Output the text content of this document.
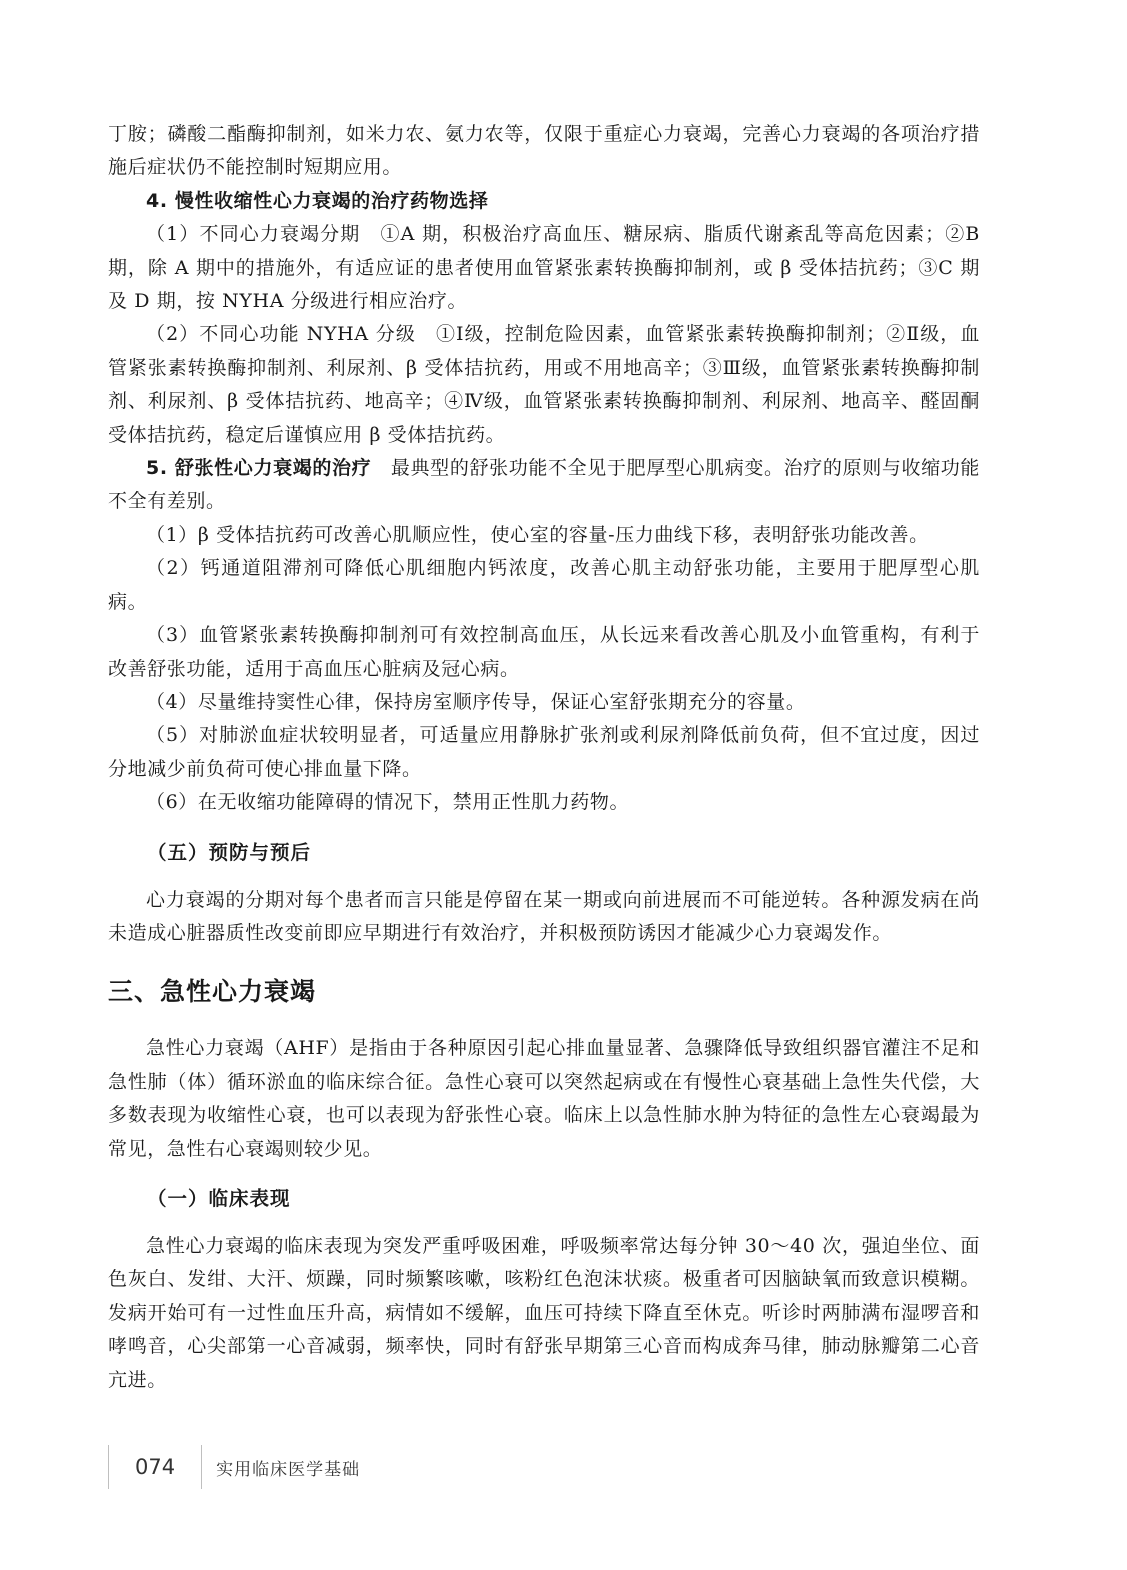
丁胺；磷酸二酯酶抑制剂，如米力农、氨力农等，仅限于重症心力衰竭，完善心力衰竭的各项治疗措施后症状仍不能控制时短期应用。

4. 慢性收缩性心力衰竭的治疗药物选择

（1）不同心力衰竭分期　①A 期，积极治疗高血压、糖尿病、脂质代谢紊乱等高危因素；②B 期，除 A 期中的措施外，有适应证的患者使用血管紧张素转换酶抑制剂，或 β 受体拮抗药；③C 期及 D 期，按 NYHA 分级进行相应治疗。

（2）不同心功能 NYHA 分级　①Ⅰ级，控制危险因素，血管紧张素转换酶抑制剂；②Ⅱ级，血管紧张素转换酶抑制剂、利尿剂、β 受体拮抗药，用或不用地高辛；③Ⅲ级，血管紧张素转换酶抑制剂、利尿剂、β 受体拮抗药、地高辛；④Ⅳ级，血管紧张素转换酶抑制剂、利尿剂、地高辛、醛固酮受体拮抗药，稳定后谨慎应用 β 受体拮抗药。

5. 舒张性心力衰竭的治疗　最典型的舒张功能不全见于肥厚型心肌病变。治疗的原则与收缩功能不全有差别。

（1）β 受体拮抗药可改善心肌顺应性，使心室的容量-压力曲线下移，表明舒张功能改善。

（2）钙通道阻滞剂可降低心肌细胞内钙浓度，改善心肌主动舒张功能，主要用于肥厚型心肌病。

（3）血管紧张素转换酶抑制剂可有效控制高血压，从长远来看改善心肌及小血管重构，有利于改善舒张功能，适用于高血压心脏病及冠心病。

（4）尽量维持窦性心律，保持房室顺序传导，保证心室舒张期充分的容量。

（5）对肺淤血症状较明显者，可适量应用静脉扩张剂或利尿剂降低前负荷，但不宜过度，因过分地减少前负荷可使心排血量下降。

（6）在无收缩功能障碍的情况下，禁用正性肌力药物。

（五）预防与预后

心力衰竭的分期对每个患者而言只能是停留在某一期或向前进展而不可能逆转。各种源发病在尚未造成心脏器质性改变前即应早期进行有效治疗，并积极预防诱因才能减少心力衰竭发作。

三、急性心力衰竭

急性心力衰竭（AHF）是指由于各种原因引起心排血量显著、急骤降低导致组织器官灌注不足和急性肺（体）循环淤血的临床综合征。急性心衰可以突然起病或在有慢性心衰基础上急性失代偿，大多数表现为收缩性心衰，也可以表现为舒张性心衰。临床上以急性肺水肿为特征的急性左心衰竭最为常见，急性右心衰竭则较少见。

（一）临床表现

急性心力衰竭的临床表现为突发严重呼吸困难，呼吸频率常达每分钟 30～40 次，强迫坐位、面色灰白、发绀、大汗、烦躁，同时频繁咳嗽，咳粉红色泡沫状痰。极重者可因脑缺氧而致意识模糊。发病开始可有一过性血压升高，病情如不缓解，血压可持续下降直至休克。听诊时两肺满布湿啰音和哮鸣音，心尖部第一心音减弱，频率快，同时有舒张早期第三心音而构成奔马律，肺动脉瓣第二心音亢进。

074 实用临床医学基础
